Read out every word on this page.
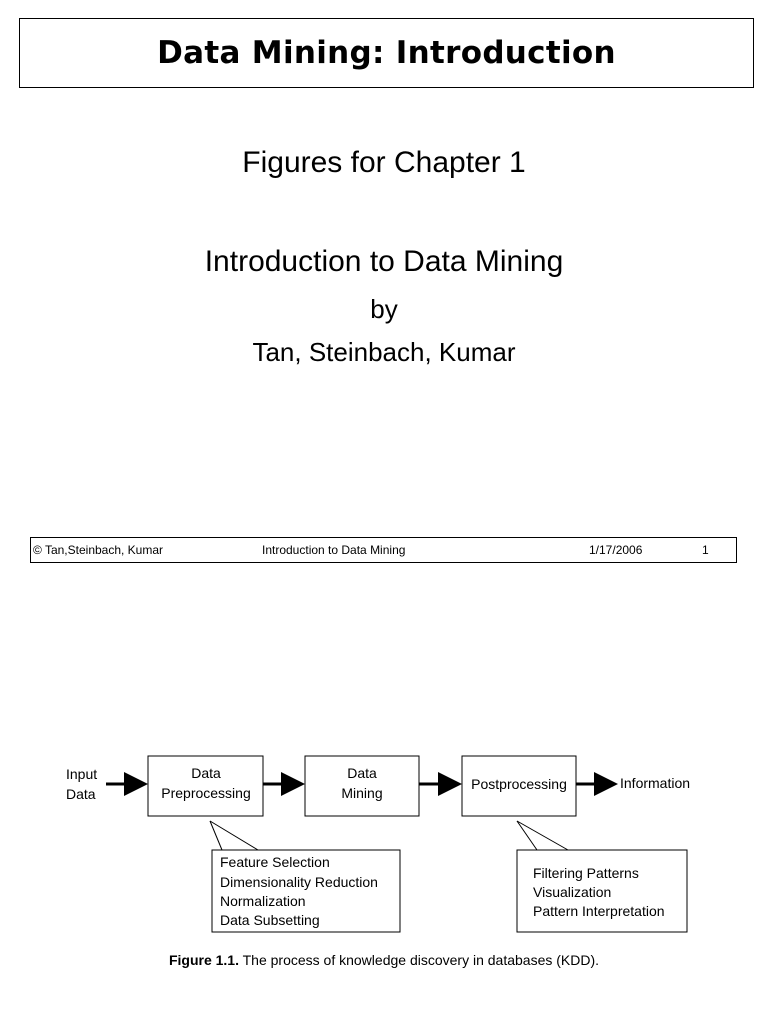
Data Mining: Introduction
Figures for Chapter 1
Introduction to Data Mining
by
Tan, Steinbach, Kumar
© Tan,Steinbach, Kumar	Introduction to Data Mining	1/17/2006	1
Input
Data
Data
Preprocessing
Data
Mining
Postprocessing	Information
Feature Selection
Dimensionality Reduction
Normalization
Data Subsetting
Filtering Patterns
Visualization
Pattern Interpretation
Figure 1.1. The process of knowledge discovery in databases (KDD).
